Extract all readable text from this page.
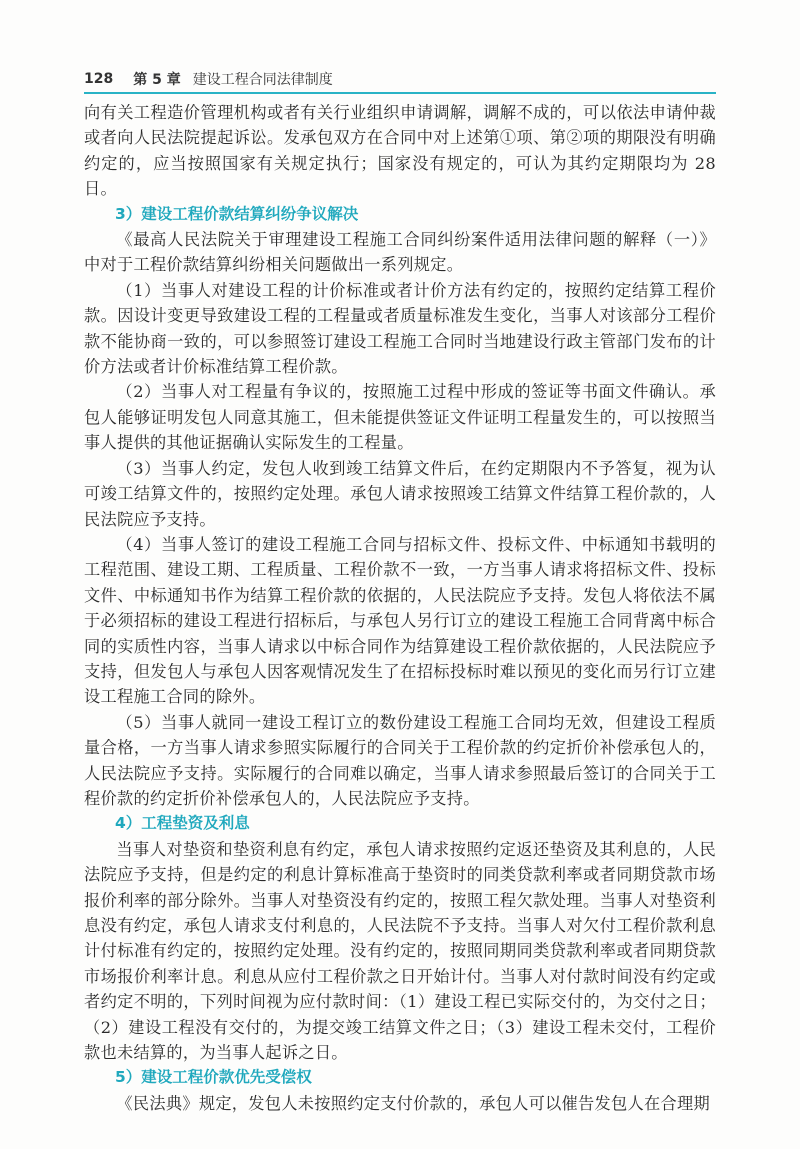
128 第 5 章 建设工程合同法律制度

向有关工程造价管理机构或者有关行业组织申请调解，调解不成的，可以依法申请仲裁或者向人民法院提起诉讼。发承包双方在合同中对上述第①项、第②项的期限没有明确约定的，应当按照国家有关规定执行；国家没有规定的，可认为其约定期限均为 28 日。

3）建设工程价款结算纠纷争议解决

《最高人民法院关于审理建设工程施工合同纠纷案件适用法律问题的解释（一）》中对于工程价款结算纠纷相关问题做出一系列规定。

（1）当事人对建设工程的计价标准或者计价方法有约定的，按照约定结算工程价款。因设计变更导致建设工程的工程量或者质量标准发生变化，当事人对该部分工程价款不能协商一致的，可以参照签订建设工程施工合同时当地建设行政主管部门发布的计价方法或者计价标准结算工程价款。

（2）当事人对工程量有争议的，按照施工过程中形成的签证等书面文件确认。承包人能够证明发包人同意其施工，但未能提供签证文件证明工程量发生的，可以按照当事人提供的其他证据确认实际发生的工程量。

（3）当事人约定，发包人收到竣工结算文件后，在约定期限内不予答复，视为认可竣工结算文件的，按照约定处理。承包人请求按照竣工结算文件结算工程价款的，人民法院应予支持。

（4）当事人签订的建设工程施工合同与招标文件、投标文件、中标通知书载明的工程范围、建设工期、工程质量、工程价款不一致，一方当事人请求将招标文件、投标文件、中标通知书作为结算工程价款的依据的，人民法院应予支持。发包人将依法不属于必须招标的建设工程进行招标后，与承包人另行订立的建设工程施工合同背离中标合同的实质性内容，当事人请求以中标合同作为结算建设工程价款依据的，人民法院应予支持，但发包人与承包人因客观情况发生了在招标投标时难以预见的变化而另行订立建设工程施工合同的除外。

（5）当事人就同一建设工程订立的数份建设工程施工合同均无效，但建设工程质量合格，一方当事人请求参照实际履行的合同关于工程价款的约定折价补偿承包人的，人民法院应予支持。实际履行的合同难以确定，当事人请求参照最后签订的合同关于工程价款的约定折价补偿承包人的，人民法院应予支持。

4）工程垫资及利息

当事人对垫资和垫资利息有约定，承包人请求按照约定返还垫资及其利息的，人民法院应予支持，但是约定的利息计算标准高于垫资时的同类贷款利率或者同期贷款市场报价利率的部分除外。当事人对垫资没有约定的，按照工程欠款处理。当事人对垫资利息没有约定，承包人请求支付利息的，人民法院不予支持。当事人对欠付工程价款利息计付标准有约定的，按照约定处理。没有约定的，按照同期同类贷款利率或者同期贷款市场报价利率计息。利息从应付工程价款之日开始计付。当事人对付款时间没有约定或者约定不明的，下列时间视为应付款时间：（1）建设工程已实际交付的，为交付之日；（2）建设工程没有交付的，为提交竣工结算文件之日；（3）建设工程未交付，工程价款也未结算的，为当事人起诉之日。

5）建设工程价款优先受偿权

《民法典》规定，发包人未按照约定支付价款的，承包人可以催告发包人在合理期
